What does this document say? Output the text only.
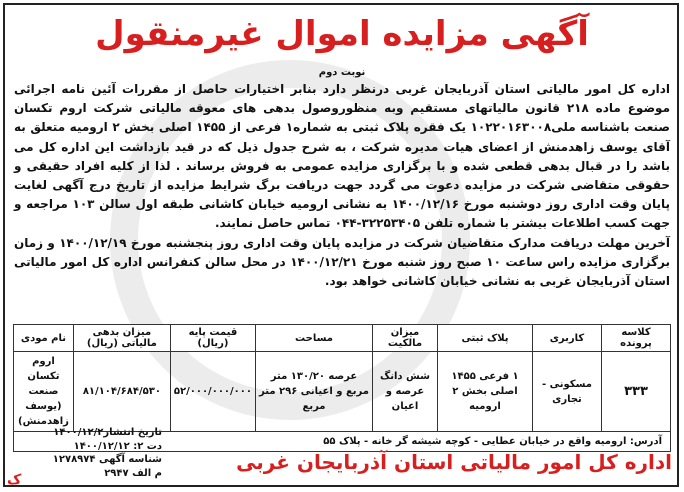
آگهی مزایده اموال غیرمنقول
نوبت دوم
اداره کل امور مالیاتی استان آذربایجان غربی درنظر دارد بنابر اختیارات حاصل از مقررات آئین نامه اجرائی موضوع ماده ۲۱۸ قانون مالیاتهای مستقیم وبه منظوروصول بدهی های معوقه مالیاتی شرکت اروم تکسان صنعت باشناسه ملی۱۰۲۲۰۱۶۳۰۰۸ یک فقره پلاک ثبتی به شماره۱ فرعی از ۱۴۵۵ اصلی بخش ۲ ارومیه متعلق به آقای یوسف زاهدمنش از اعضای هیات مدیره شرکت ، به شرح جدول ذیل که در قید بازداشت این اداره کل می باشد را در قبال بدهی قطعی شده و با برگزاری مزایده عمومی به فروش برساند . لذا از کلیه افراد حقیقی و حقوقی متقاضی شرکت در مزایده دعوت می گردد جهت دریافت برگ شرایط مزایده از تاریخ درج آگهی لغایت پایان وقت اداری روز دوشنبه مورخ ۱۴۰۰/۱۲/۱۶ به نشانی ارومیه خیابان کاشانی طبقه اول سالن ۱۰۳ مراجعه و جهت کسب اطلاعات بیشتر با شماره تلفن ۳۲۲۵۳۴۰۵-۰۴۴ تماس حاصل نمایند.
آخرین مهلت دریافت مدارک متقاضیان شرکت در مزایده پایان وقت اداری روز پنجشنبه مورخ ۱۴۰۰/۱۲/۱۹ و زمان برگزاری مزایده راس ساعت ۱۰ صبح روز شنبه مورخ ۱۴۰۰/۱۲/۲۱ در محل سالن کنفرانس اداره کل امور مالیاتی استان آذربایجان غربی به نشانی خیابان کاشانی خواهد بود.
کلاسه پرونده	کاربری	پلاک ثبتی	میزان مالکیت	مساحت	قیمت پایه (ریال)	میزان بدهی مالیاتی (ریال)	نام مودی
۳۳۳	مسکونی - تجاری	۱ فرعی ۱۴۵۵ اصلی بخش ۲ ارومیه	شش دانگ عرصه و اعیان	عرصه ۱۳۰/۲۰ متر مربع و اعیانی ۲۹۶ متر مربع	۵۲/۰۰۰/۰۰۰/۰۰۰	۸۱/۱۰۴/۶۸۴/۵۳۰	اروم تکسان صنعت (یوسف زاهدمنش)
آدرس: ارومیه واقع در خیابان عطایی - کوچه شیشه گر خانه - پلاک ۵۵							
تاریخ انتشار۱۴۰۰/۱۲/۲
دت ۲: ۱۴۰۰/۱۲/۱۲
شناسه آگهی ۱۲۷۸۹۷۴
م الف ۲۹۴۷	اداره کل امور مالیاتی استان آذربایجان غربی
ک
